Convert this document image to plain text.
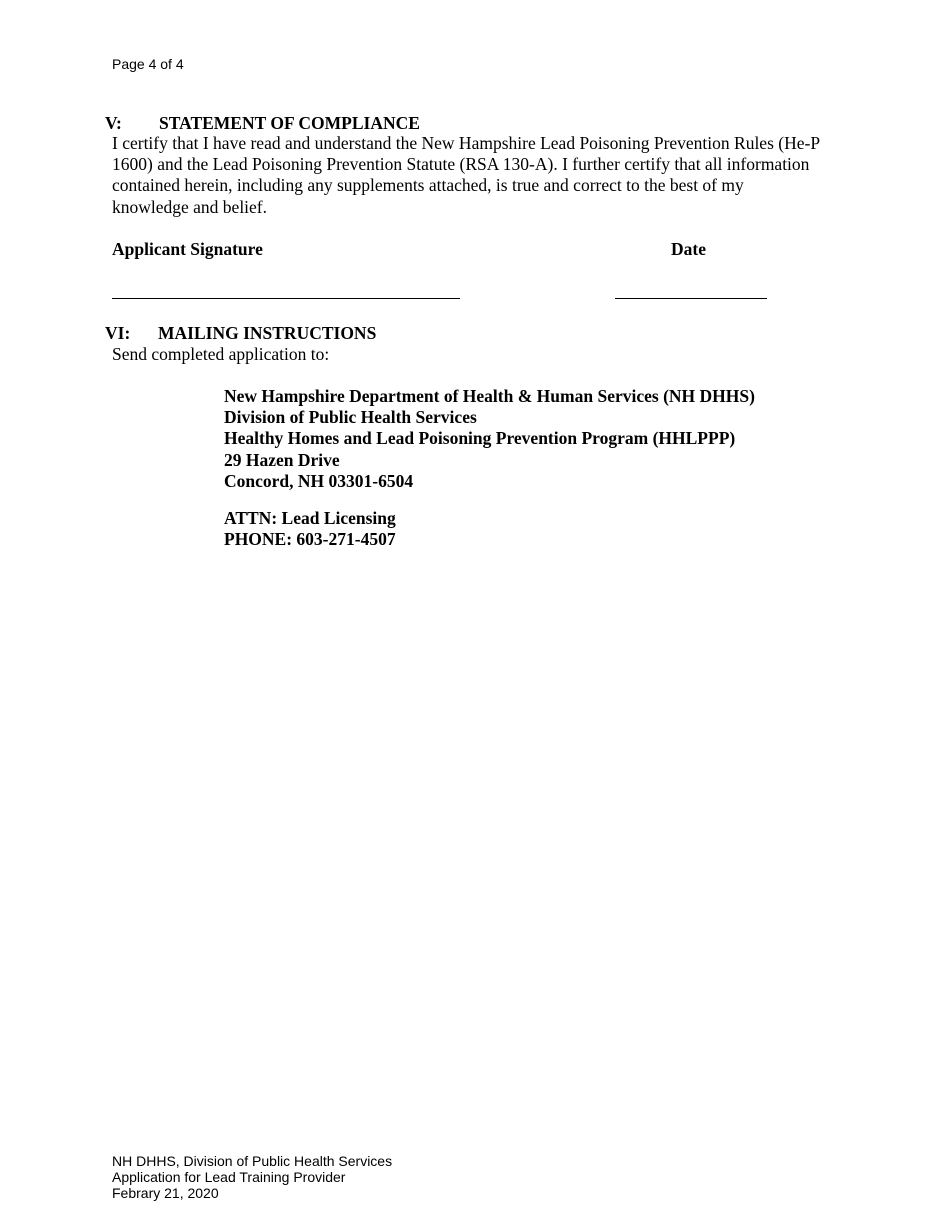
Page 4 of 4
V: STATEMENT OF COMPLIANCE
I certify that I have read and understand the New Hampshire Lead Poisoning Prevention Rules (He-P
1600) and the Lead Poisoning Prevention Statute (RSA 130-A). I further certify that all information
contained herein, including any supplements attached, is true and correct to the best of my
knowledge and belief.
Applicant Signature	Date
VI: MAILING INSTRUCTIONS
Send completed application to:
New Hampshire Department of Health & Human Services (NH DHHS)
Division of Public Health Services
Healthy Homes and Lead Poisoning Prevention Program (HHLPPP)
29 Hazen Drive
Concord, NH 03301-6504
ATTN: Lead Licensing
PHONE: 603-271-4507
NH DHHS, Division of Public Health Services
Application for Lead Training Provider
Febrary 21, 2020
